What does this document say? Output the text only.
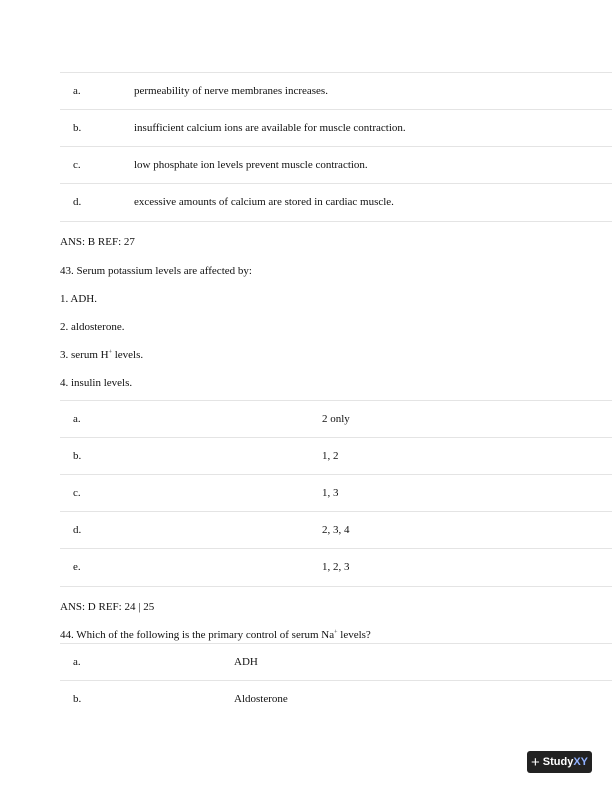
a.	permeability of nerve membranes increases.
b.	insufficient calcium ions are available for muscle contraction.
c.	low phosphate ion levels prevent muscle contraction.
d.	excessive amounts of calcium are stored in cardiac muscle.
ANS: B REF: 27
43. Serum potassium levels are affected by:
1. ADH.
2. aldosterone.
3. serum H+ levels.
4. insulin levels.
a.	2 only
b.	1, 2
c.	1, 3
d.	2, 3, 4
e.	1, 2, 3
ANS: D REF: 24 | 25
44. Which of the following is the primary control of serum Na+ levels?
a.	ADH
b.	Aldosterone
+ Study XY
